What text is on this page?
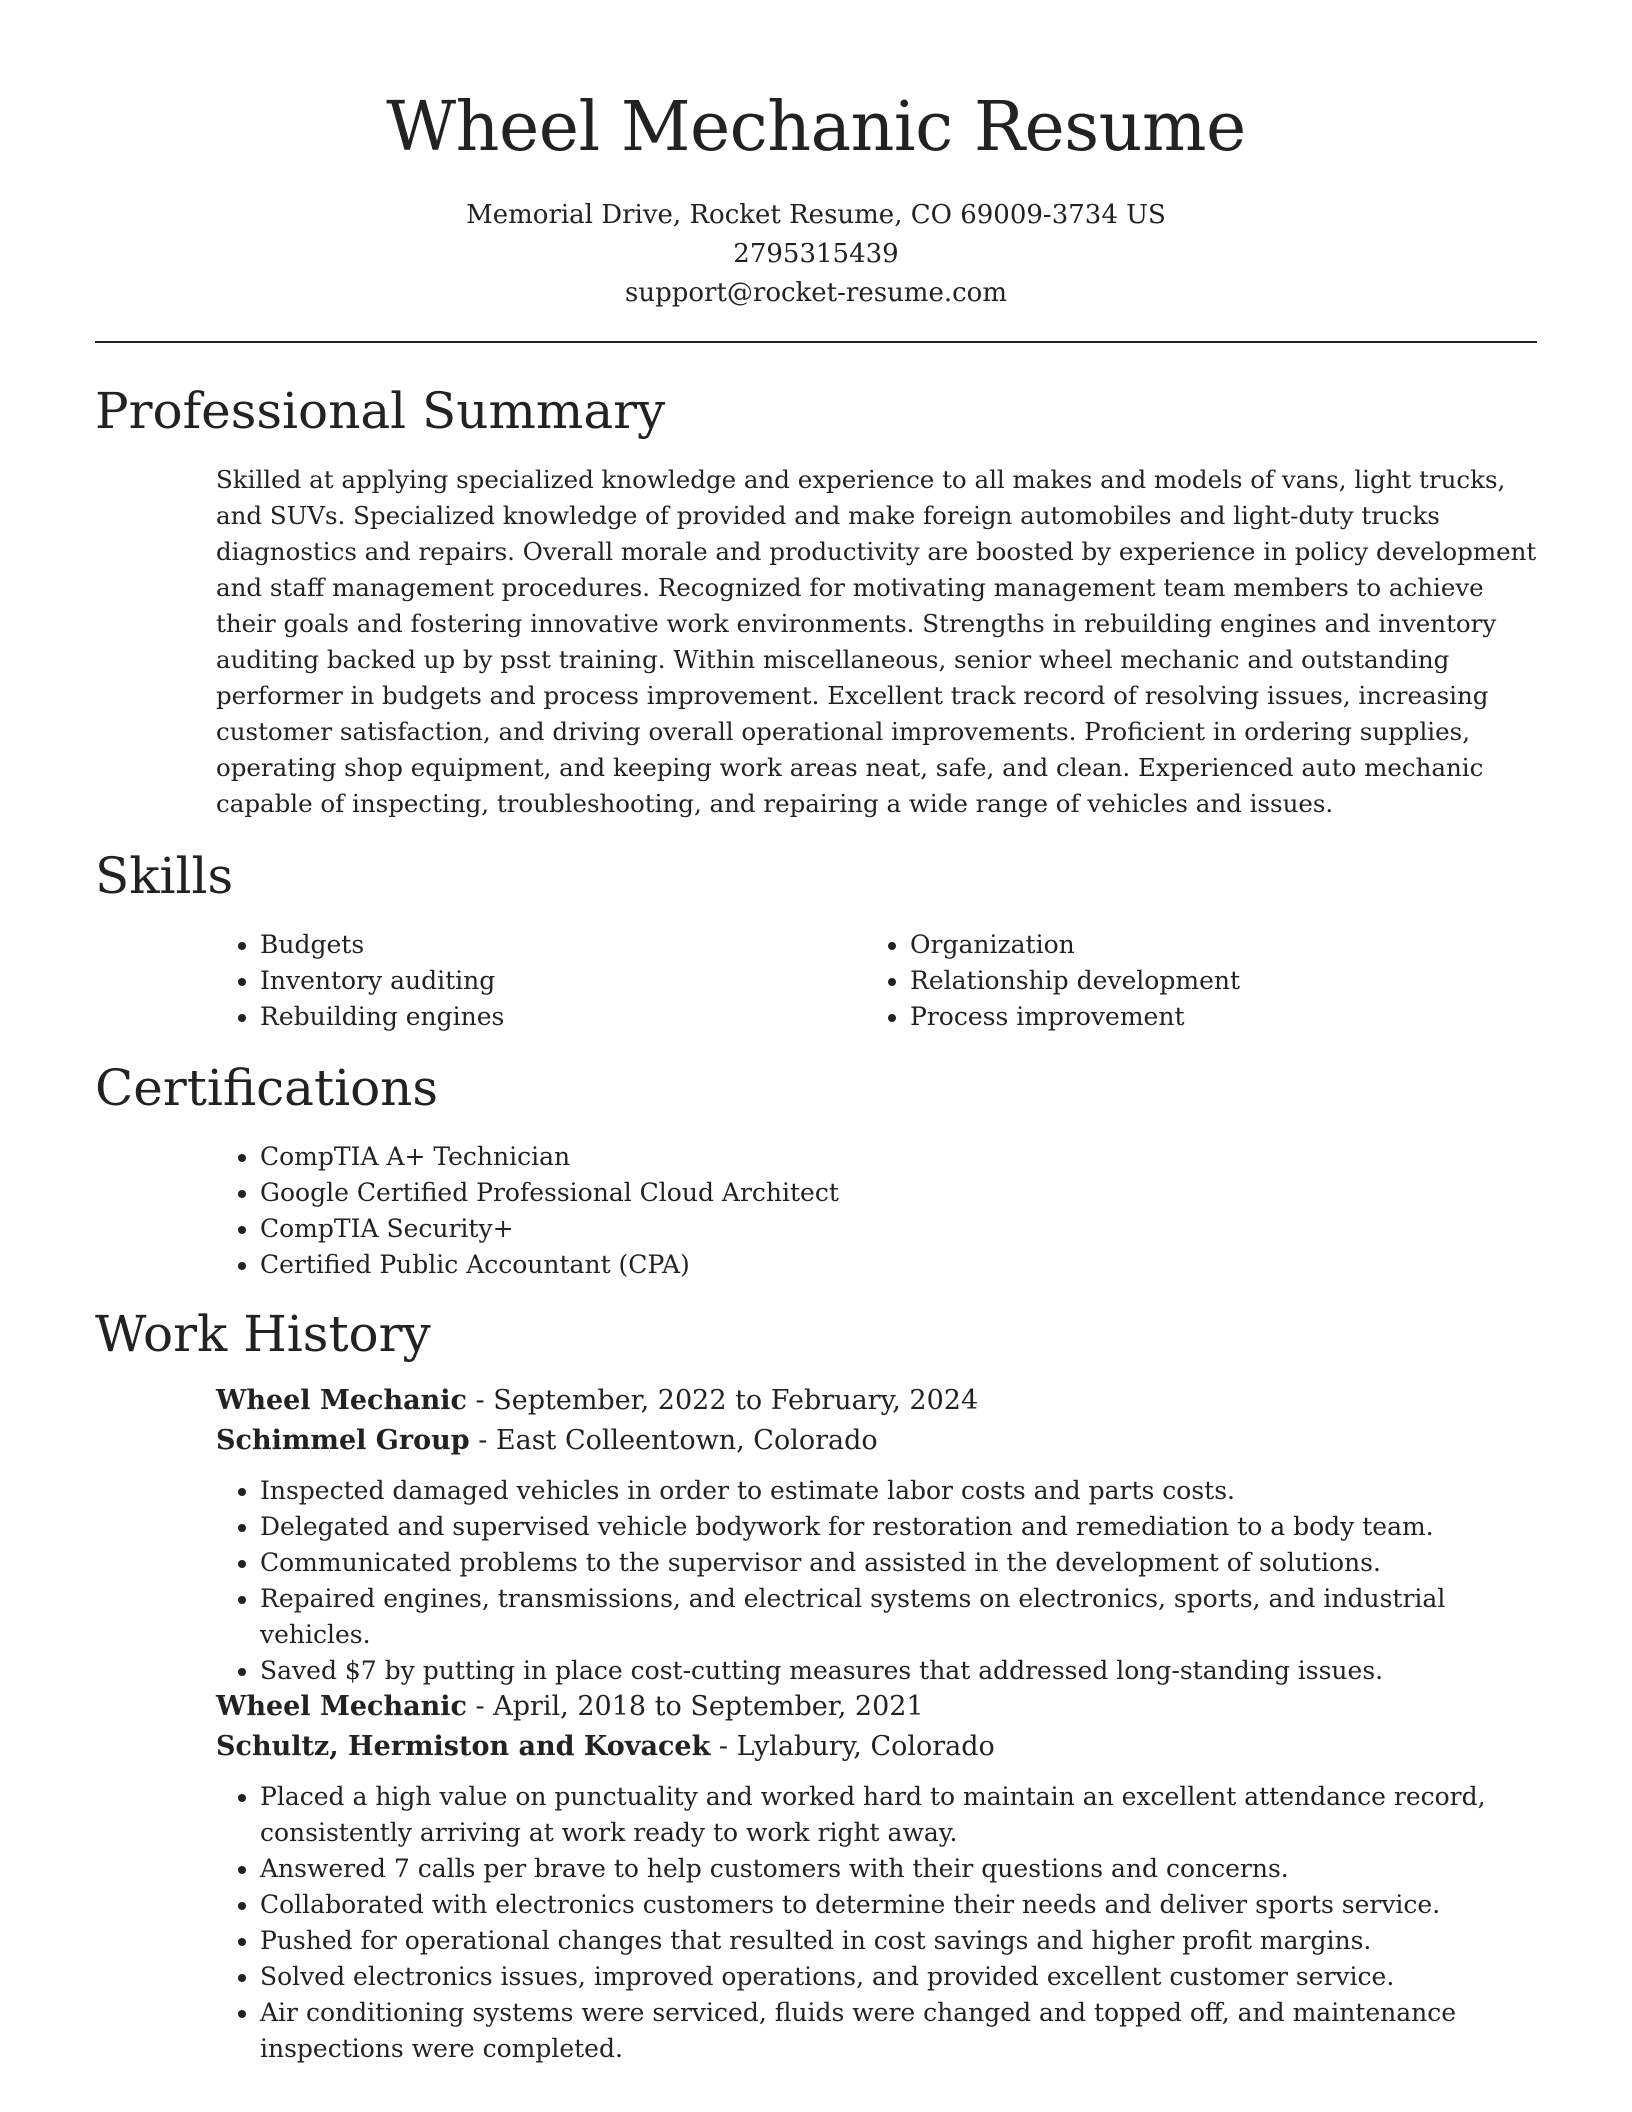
Wheel Mechanic Resume
Memorial Drive, Rocket Resume, CO 69009-3734 US
2795315439
support@rocket-resume.com
Professional Summary

Skilled at applying specialized knowledge and experience to all makes and models of vans, light trucks, and SUVs. Specialized knowledge of provided and make foreign automobiles and light-duty trucks diagnostics and repairs. Overall morale and productivity are boosted by experience in policy development and staff management procedures. Recognized for motivating management team members to achieve their goals and fostering innovative work environments. Strengths in rebuilding engines and inventory auditing backed up by psst training. Within miscellaneous, senior wheel mechanic and outstanding performer in budgets and process improvement. Excellent track record of resolving issues, increasing customer satisfaction, and driving overall operational improvements. Proficient in ordering supplies, operating shop equipment, and keeping work areas neat, safe, and clean. Experienced auto mechanic capable of inspecting, troubleshooting, and repairing a wide range of vehicles and issues.

Skills
• Budgets
• Inventory auditing
• Rebuilding engines
• Organization
• Relationship development
• Process improvement
Certifications
• CompTIA A+ Technician
• Google Certified Professional Cloud Architect
• CompTIA Security+
• Certified Public Accountant (CPA)
Work History

Wheel Mechanic - September, 2022 to February, 2024

Schimmel Group - East Colleentown, Colorado

• Inspected damaged vehicles in order to estimate labor costs and parts costs.
• Delegated and supervised vehicle bodywork for restoration and remediation to a body team.
• Communicated problems to the supervisor and assisted in the development of solutions.
• Repaired engines, transmissions, and electrical systems on electronics, sports, and industrial vehicles.
• Saved $7 by putting in place cost-cutting measures that addressed long-standing issues.

Wheel Mechanic - April, 2018 to September, 2021

Schultz, Hermiston and Kovacek - Lylabury, Colorado

• Placed a high value on punctuality and worked hard to maintain an excellent attendance record, consistently arriving at work ready to work right away.
• Answered 7 calls per brave to help customers with their questions and concerns.
• Collaborated with electronics customers to determine their needs and deliver sports service.
• Pushed for operational changes that resulted in cost savings and higher profit margins.
• Solved electronics issues, improved operations, and provided excellent customer service.
• Air conditioning systems were serviced, fluids were changed and topped off, and maintenance inspections were completed.
